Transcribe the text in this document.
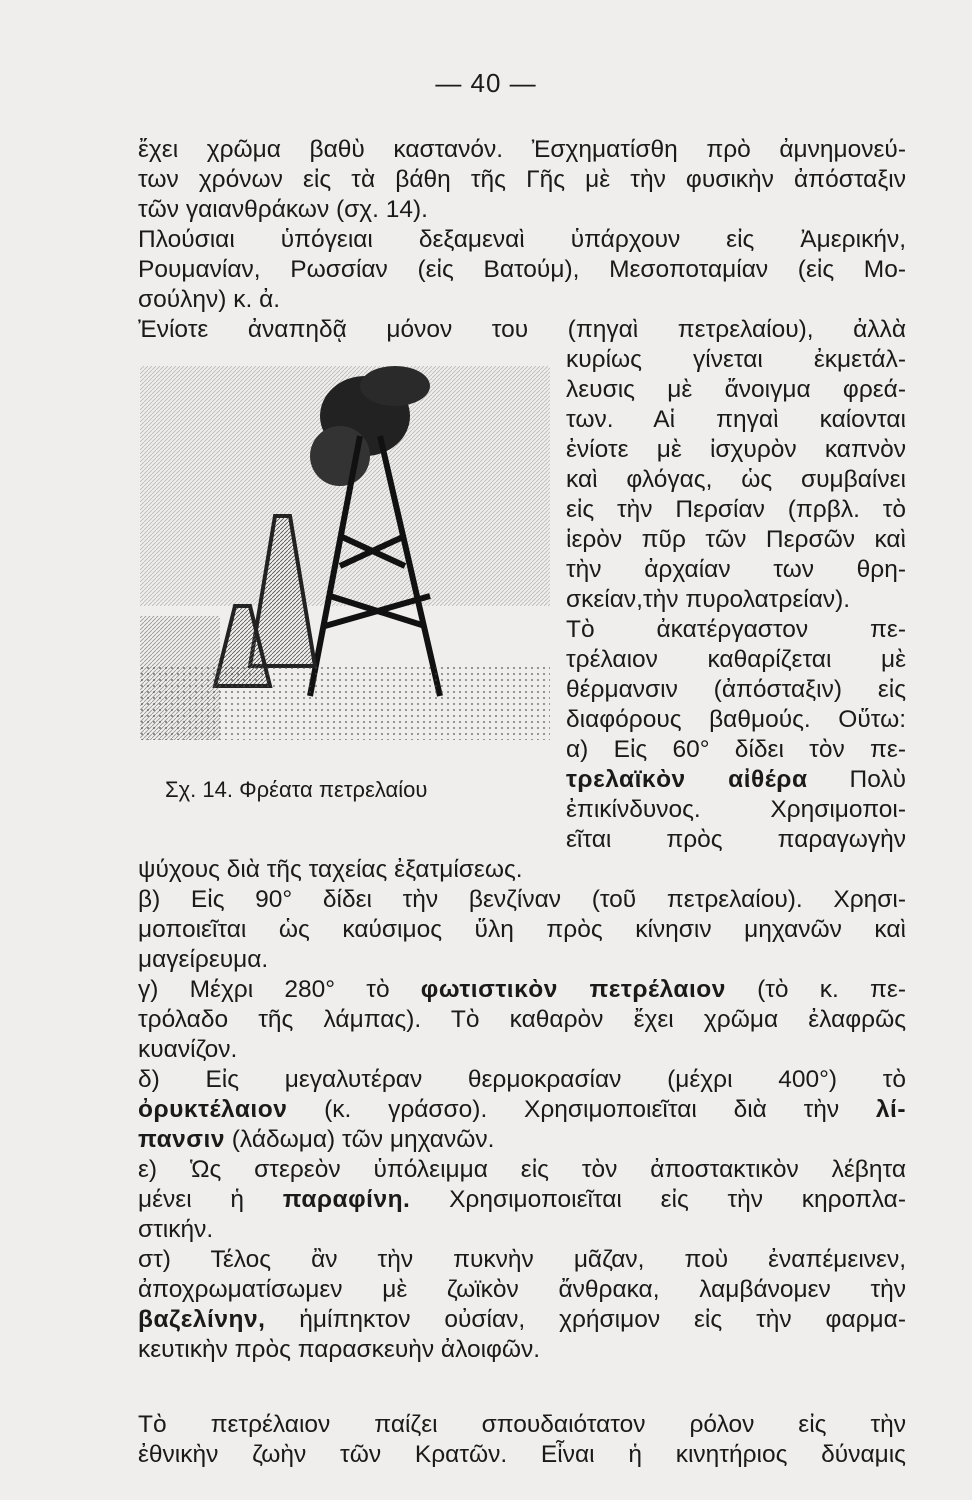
— 40 —
ἔχει χρῶμα βαθὺ καστανόν. Ἐσχηματίσθη πρὸ ἀμνημονεύ-
των χρόνων εἰς τὰ βάθη τῆς Γῆς μὲ τὴν φυσικὴν ἀπόσταξιν
τῶν γαιανθράκων (σχ. 14).
Πλούσιαι ὑπόγειαι δεξαμεναὶ ὑπάρχουν εἰς Ἀμερικήν,
Ρουμανίαν, Ρωσσίαν (εἰς Βατούμ), Μεσοποταμίαν (εἰς Μο-
σούλην) κ. ἀ.
Ἐνίοτε ἀναπηδᾷ μόνον του (πηγαὶ πετρελαίου), ἀλλὰ
κυρίως γίνεται ἐκμετάλ-
λευσις μὲ ἄνοιγμα φρεά-
των. Αἱ πηγαὶ καίονται
ἐνίοτε μὲ ἰσχυρὸν καπνὸν
καὶ φλόγας, ὡς συμβαίνει
εἰς τὴν Περσίαν (πρβλ. τὸ
ἱερὸν πῦρ τῶν Περσῶν καὶ
τὴν ἀρχαίαν των θρη-
σκείαν,τὴν πυρολατρείαν).
Τὸ ἀκατέργαστον πε-
τρέλαιον καθαρίζεται μὲ
θέρμανσιν (ἀπόσταξιν) εἰς
διαφόρους βαθμούς. Οὕτω:
α) Εἰς 60° δίδει τὸν πε-
τρελαϊκὸν αἰθέρα Πολὺ
ἐπικίνδυνος. Χρησιμοποι-
εῖται πρὸς παραγωγὴν
ψύχους διὰ τῆς ταχείας ἐξατμίσεως.
β) Εἰς 90° δίδει τὴν βενζίναν (τοῦ πετρελαίου). Χρησι-
μοποιεῖται ὡς καύσιμος ὕλη πρὸς κίνησιν μηχανῶν καὶ
μαγείρευμα.
γ) Μέχρι 280° τὸ φωτιστικὸν πετρέλαιον (τὸ κ. πε-
τρόλαδο τῆς λάμπας). Τὸ καθαρὸν ἔχει χρῶμα ἐλαφρῶς
κυανίζον.
δ) Εἰς μεγαλυτέραν θερμοκρασίαν (μέχρι 400°) τὸ
ὀρυκτέλαιον (κ. γράσσο). Χρησιμοποιεῖται διὰ τὴν λί-
πανσιν (λάδωμα) τῶν μηχανῶν.
ε) Ὡς στερεὸν ὑπόλειμμα εἰς τὸν ἀποστακτικὸν λέβητα
μένει ἡ παραφίνη. Χρησιμοποιεῖται εἰς τὴν κηροπλα-
στικήν.
στ) Τέλος ἂν τὴν πυκνὴν μᾶζαν, ποὺ ἐναπέμεινεν,
ἀποχρωματίσωμεν μὲ ζωϊκὸν ἄνθρακα, λαμβάνομεν τὴν
βαζελίνην, ἡμίπηκτον οὐσίαν, χρήσιμον εἰς τὴν φαρμα-
κευτικὴν πρὸς παρασκευὴν ἀλοιφῶν.
Τὸ πετρέλαιον παίζει σπουδαιότατον ρόλον εἰς τὴν
ἐθνικὴν ζωὴν τῶν Κρατῶν. Εἶναι ἡ κινητήριος δύναμις
Σχ. 14. Φρέατα πετρελαίου
